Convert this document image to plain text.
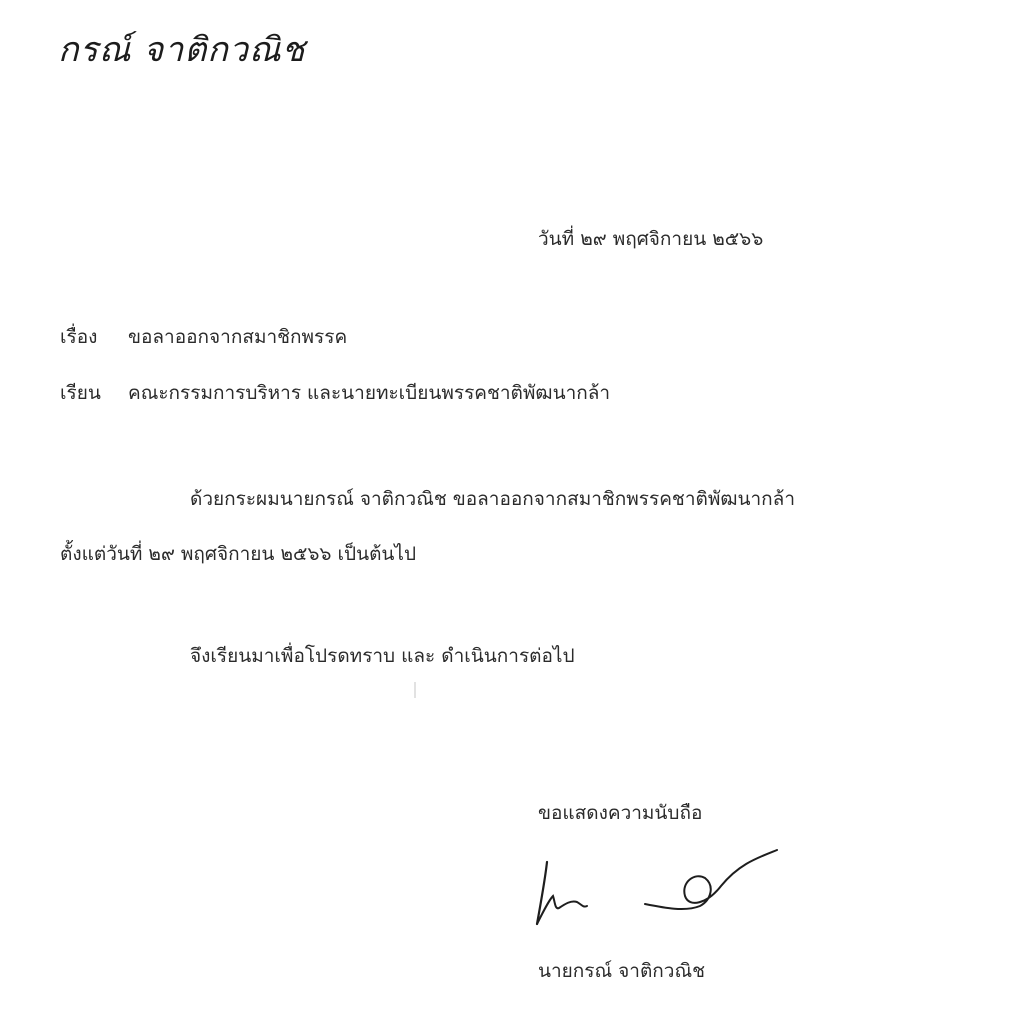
กรณ์ จาติกวณิช
วันที่ ๒๙ พฤศจิกายน ๒๕๖๖
เรื่อง ขอลาออกจากสมาชิกพรรค
เรียน คณะกรรมการบริหาร และนายทะเบียนพรรคชาติพัฒนากล้า
ด้วยกระผมนายกรณ์ จาติกวณิช ขอลาออกจากสมาชิกพรรคชาติพัฒนากล้า
ตั้งแต่วันที่ ๒๙ พฤศจิกายน ๒๕๖๖ เป็นต้นไป
จึงเรียนมาเพื่อโปรดทราบ และ ดำเนินการต่อไป
ขอแสดงความนับถือ
นายกรณ์ จาติกวณิช
